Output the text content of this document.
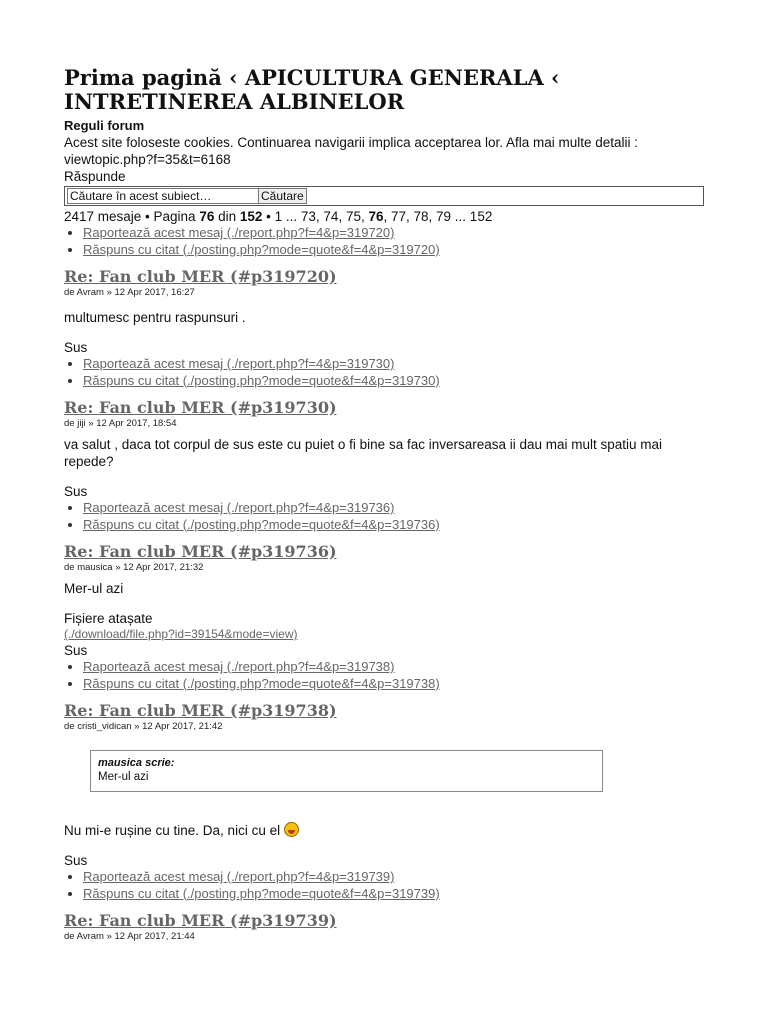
Prima pagină ‹ APICULTURA GENERALA ‹ INTRETINEREA ALBINELOR
Reguli forum
Acest site foloseste cookies. Continuarea navigarii implica acceptarea lor. Afla mai multe detalii : viewtopic.php?f=35&t=6168
Răspunde
Căutare în acest subiect…
Căutare
2417 mesaje • Pagina 76 din 152 • 1 ... 73, 74, 75, 76, 77, 78, 79 ... 152
• Raportează acest mesaj (./report.php?f=4&p=319720)
• Răspuns cu citat (./posting.php?mode=quote&f=4&p=319720)
Re: Fan club MER (#p319720)
de Avram » 12 Apr 2017, 16:27
multumesc pentru raspunsuri .
Sus
• Raportează acest mesaj (./report.php?f=4&p=319730)
• Răspuns cu citat (./posting.php?mode=quote&f=4&p=319730)
Re: Fan club MER (#p319730)
de jiji » 12 Apr 2017, 18:54
va salut , daca tot corpul de sus este cu puiet o fi bine sa fac inversareasa ii dau mai mult spatiu mai repede?
Sus
• Raportează acest mesaj (./report.php?f=4&p=319736)
• Răspuns cu citat (./posting.php?mode=quote&f=4&p=319736)
Re: Fan club MER (#p319736)
de mausica » 12 Apr 2017, 21:32
Mer-ul azi
Fișiere atașate
(./download/file.php?id=39154&mode=view)
Sus
• Raportează acest mesaj (./report.php?f=4&p=319738)
• Răspuns cu citat (./posting.php?mode=quote&f=4&p=319738)
Re: Fan club MER (#p319738)
de cristi_vidican » 12 Apr 2017, 21:42
mausica scrie:
Mer-ul azi
Nu mi-e rușine cu tine. Da, nici cu el
Sus
• Raportează acest mesaj (./report.php?f=4&p=319739)
• Răspuns cu citat (./posting.php?mode=quote&f=4&p=319739)
Re: Fan club MER (#p319739)
de Avram » 12 Apr 2017, 21:44
